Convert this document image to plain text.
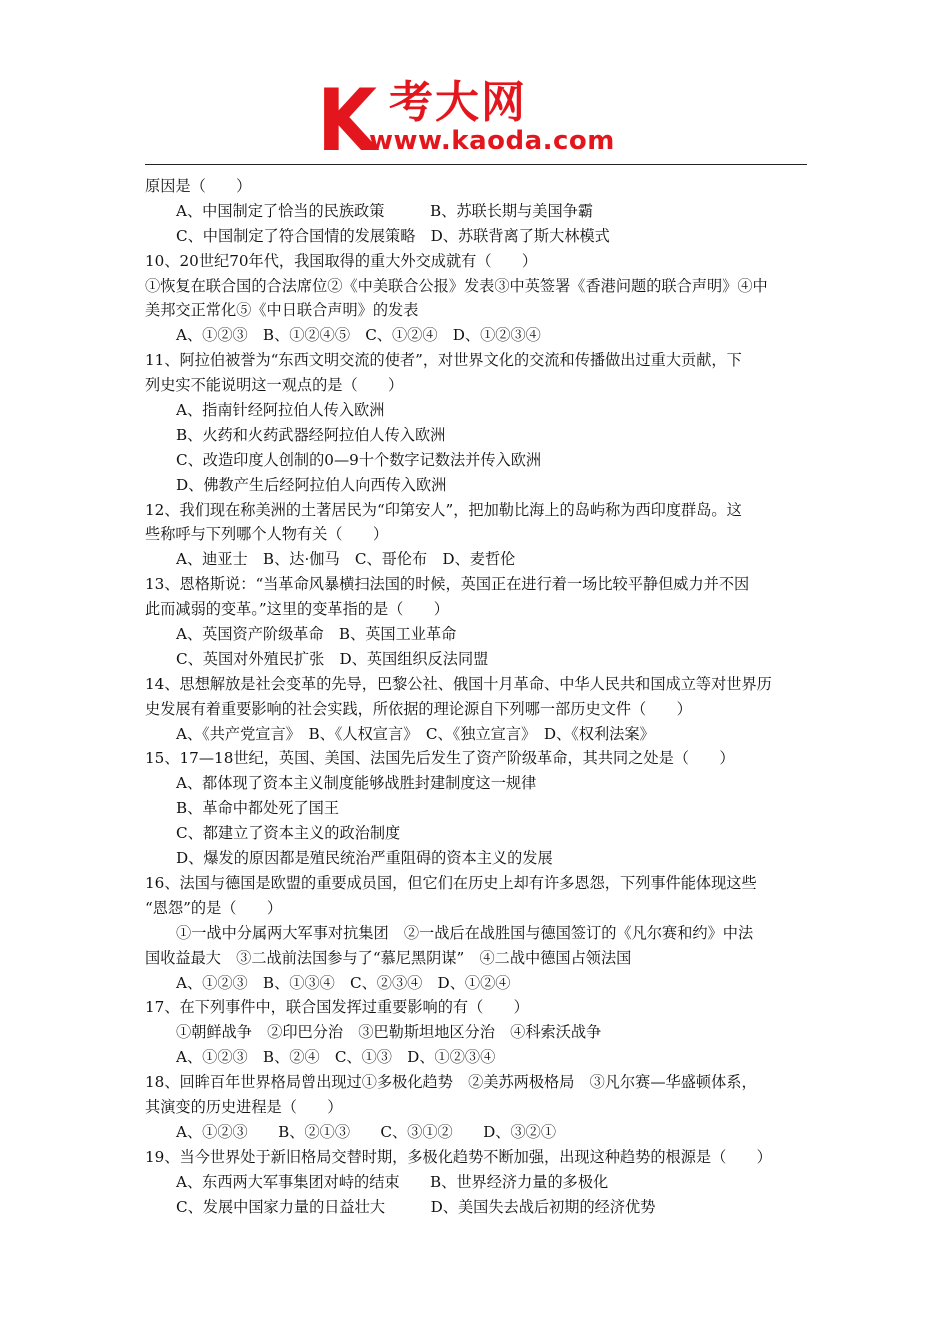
K 考大网
www.kaoda.com
原因是（　　）
A、中国制定了恰当的民族政策　　　B、苏联长期与美国争霸
C、中国制定了符合国情的发展策略　D、苏联背离了斯大林模式
10、20世纪70年代，我国取得的重大外交成就有（　　）
①恢复在联合国的合法席位②《中美联合公报》发表③中英签署《香港问题的联合声明》④中
美邦交正常化⑤《中日联合声明》的发表
A、①②③　B、①②④⑤　C、①②④　D、①②③④
11、阿拉伯被誉为“东西文明交流的使者”，对世界文化的交流和传播做出过重大贡献，下
列史实不能说明这一观点的是（　　）
A、指南针经阿拉伯人传入欧洲
B、火药和火药武器经阿拉伯人传入欧洲
C、改造印度人创制的0—9十个数字记数法并传入欧洲
D、佛教产生后经阿拉伯人向西传入欧洲
12、我们现在称美洲的土著居民为“印第安人”，把加勒比海上的岛屿称为西印度群岛。这
些称呼与下列哪个人物有关（　　）
A、迪亚士　B、达·伽马　C、哥伦布　D、麦哲伦
13、恩格斯说：“当革命风暴横扫法国的时候，英国正在进行着一场比较平静但威力并不因
此而减弱的变革。”这里的变革指的是（　　）
A、英国资产阶级革命　B、英国工业革命
C、英国对外殖民扩张　D、英国组织反法同盟
14、思想解放是社会变革的先导，巴黎公社、俄国十月革命、中华人民共和国成立等对世界历
史发展有着重要影响的社会实践，所依据的理论源自下列哪一部历史文件（　　）
A、《共产党宣言》　B、《人权宣言》　C、《独立宣言》　D、《权利法案》
15、17—18世纪，英国、美国、法国先后发生了资产阶级革命，其共同之处是（　　）
A、都体现了资本主义制度能够战胜封建制度这一规律
B、革命中都处死了国王
C、都建立了资本主义的政治制度
D、爆发的原因都是殖民统治严重阻碍的资本主义的发展
16、法国与德国是欧盟的重要成员国，但它们在历史上却有许多恩怨，下列事件能体现这些
“恩怨”的是（　　）
①一战中分属两大军事对抗集团　②一战后在战胜国与德国签订的《凡尔赛和约》中法
国收益最大　③二战前法国参与了“慕尼黑阴谋”　④二战中德国占领法国
A、①②③　B、①③④　C、②③④　D、①②④
17、在下列事件中，联合国发挥过重要影响的有（　　）
①朝鲜战争　②印巴分治　③巴勒斯坦地区分治　④科索沃战争
A、①②③　B、②④　C、①③　D、①②③④
18、回眸百年世界格局曾出现过①多极化趋势　②美苏两极格局　③凡尔赛—华盛顿体系，
其演变的历史进程是（　　）
A、①②③　　B、②①③　　C、③①②　　D、③②①
19、当今世界处于新旧格局交替时期，多极化趋势不断加强，出现这种趋势的根源是（　　）
A、东西两大军事集团对峙的结束　　B、世界经济力量的多极化
C、发展中国家力量的日益壮大　　　D、美国失去战后初期的经济优势
